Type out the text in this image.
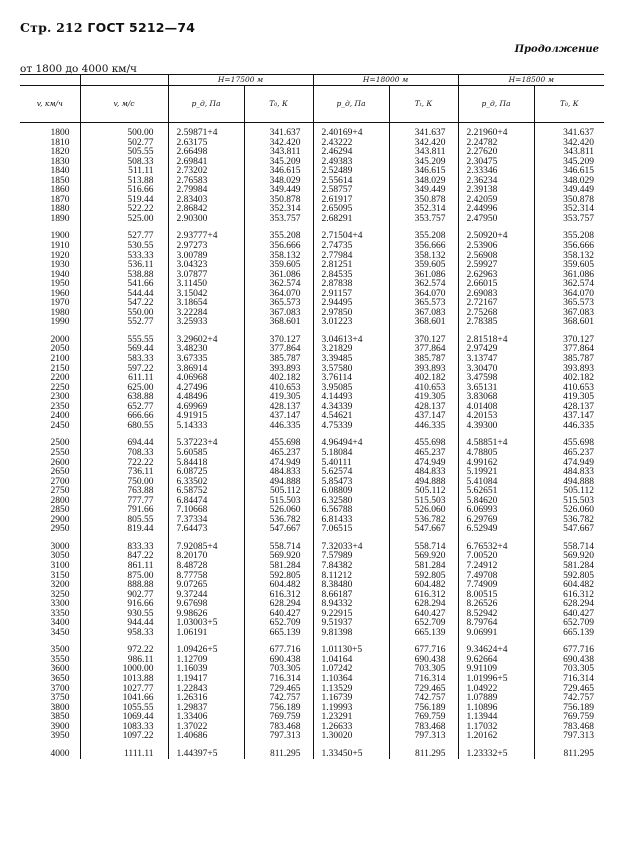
Стр. 212 ГОСТ 5212—74
Продолжение
от 1800 до 4000 км/ч
		H=17500 м		H=18000 м		H=18500 м	
v, км/ч	v, м/с	p_д, Па	T₀, К	p_д, Па	Tₜ, К	p_д, Па	T₀, К

1800	500.00	2.59871+4	341.637	2.40169+4	341.637	2.21960+4	341.637
1810	502.77	2.63175	342.420	2.43222	342.420	2.24782	342.420
1820	505.55	2.66498	343.811	2.46294	343.811	2.27620	343.811
1830	508.33	2.69841	345.209	2.49383	345.209	2.30475	345.209
1840	511.11	2.73202	346.615	2.52489	346.615	2.33346	346.615
1850	513.88	2.76583	348.029	2.55614	348.029	2.36234	348.029
1860	516.66	2.79984	349.449	2.58757	349.449	2.39138	349.449
1870	519.44	2.83403	350.878	2.61917	350.878	2.42059	350.878
1880	522.22	2.86842	352.314	2.65095	352.314	2.44996	352.314
1890	525.00	2.90300	353.757	2.68291	353.757	2.47950	353.757

1900	527.77	2.93777+4	355.208	2.71504+4	355.208	2.50920+4	355.208
1910	530.55	2.97273	356.666	2.74735	356.666	2.53906	356.666
1920	533.33	3.00789	358.132	2.77984	358.132	2.56908	358.132
1930	536.11	3.04323	359.605	2.81251	359.605	2.59927	359.605
1940	538.88	3.07877	361.086	2.84535	361.086	2.62963	361.086
1950	541.66	3.11450	362.574	2.87838	362.574	2.66015	362.574
1960	544.44	3.15042	364.070	2.91157	364.070	2.69083	364.070
1970	547.22	3.18654	365.573	2.94495	365.573	2.72167	365.573
1980	550.00	3.22284	367.083	2.97850	367.083	2.75268	367.083
1990	552.77	3.25933	368.601	3.01223	368.601	2.78385	368.601

2000	555.55	3.29602+4	370.127	3.04613+4	370.127	2.81518+4	370.127
2050	569.44	3.48230	377.864	3.21829	377.864	2.97429	377.864
2100	583.33	3.67335	385.787	3.39485	385.787	3.13747	385.787
2150	597.22	3.86914	393.893	3.57580	393.893	3.30470	393.893
2200	611.11	4.06968	402.182	3.76114	402.182	3.47598	402.182
2250	625.00	4.27496	410.653	3.95085	410.653	3.65131	410.653
2300	638.88	4.48496	419.305	4.14493	419.305	3.83068	419.305
2350	652.77	4.69969	428.137	4.34339	428.137	4.01408	428.137
2400	666.66	4.91915	437.147	4.54621	437.147	4.20153	437.147
2450	680.55	5.14333	446.335	4.75339	446.335	4.39300	446.335

2500	694.44	5.37223+4	455.698	4.96494+4	455.698	4.58851+4	455.698
2550	708.33	5.60585	465.237	5.18084	465.237	4.78805	465.237
2600	722.22	5.84418	474.949	5.40111	474.949	4.99162	474.949
2650	736.11	6.08725	484.833	5.62574	484.833	5.19921	484.833
2700	750.00	6.33502	494.888	5.85473	494.888	5.41084	494.888
2750	763.88	6.58752	505.112	6.08809	505.112	5.62651	505.112
2800	777.77	6.84474	515.503	6.32580	515.503	5.84620	515.503
2850	791.66	7.10668	526.060	6.56788	526.060	6.06993	526.060
2900	805.55	7.37334	536.782	6.81433	536.782	6.29769	536.782
2950	819.44	7.64473	547.667	7.06515	547.667	6.52949	547.667

3000	833.33	7.92085+4	558.714	7.32033+4	558.714	6.76532+4	558.714
3050	847.22	8.20170	569.920	7.57989	569.920	7.00520	569.920
3100	861.11	8.48728	581.284	7.84382	581.284	7.24912	581.284
3150	875.00	8.77758	592.805	8.11212	592.805	7.49708	592.805
3200	888.88	9.07265	604.482	8.38480	604.482	7.74909	604.482
3250	902.77	9.37244	616.312	8.66187	616.312	8.00515	616.312
3300	916.66	9.67698	628.294	8.94332	628.294	8.26526	628.294
3350	930.55	9.98626	640.427	9.22915	640.427	8.52942	640.427
3400	944.44	1.03003+5	652.709	9.51937	652.709	8.79764	652.709
3450	958.33	1.06191	665.139	9.81398	665.139	9.06991	665.139

3500	972.22	1.09426+5	677.716	1.01130+5	677.716	9.34624+4	677.716
3550	986.11	1.12709	690.438	1.04164	690.438	9.62664	690.438
3600	1000.00	1.16039	703.305	1.07242	703.305	9.91109	703.305
3650	1013.88	1.19417	716.314	1.10364	716.314	1.01996+5	716.314
3700	1027.77	1.22843	729.465	1.13529	729.465	1.04922	729.465
3750	1041.66	1.26316	742.757	1.16739	742.757	1.07889	742.757
3800	1055.55	1.29837	756.189	1.19993	756.189	1.10896	756.189
3850	1069.44	1.33406	769.759	1.23291	769.759	1.13944	769.759
3900	1083.33	1.37022	783.468	1.26633	783.468	1.17032	783.468
3950	1097.22	1.40686	797.313	1.30020	797.313	1.20162	797.313

4000	1111.11	1.44397+5	811.295	1.33450+5	811.295	1.23332+5	811.295
